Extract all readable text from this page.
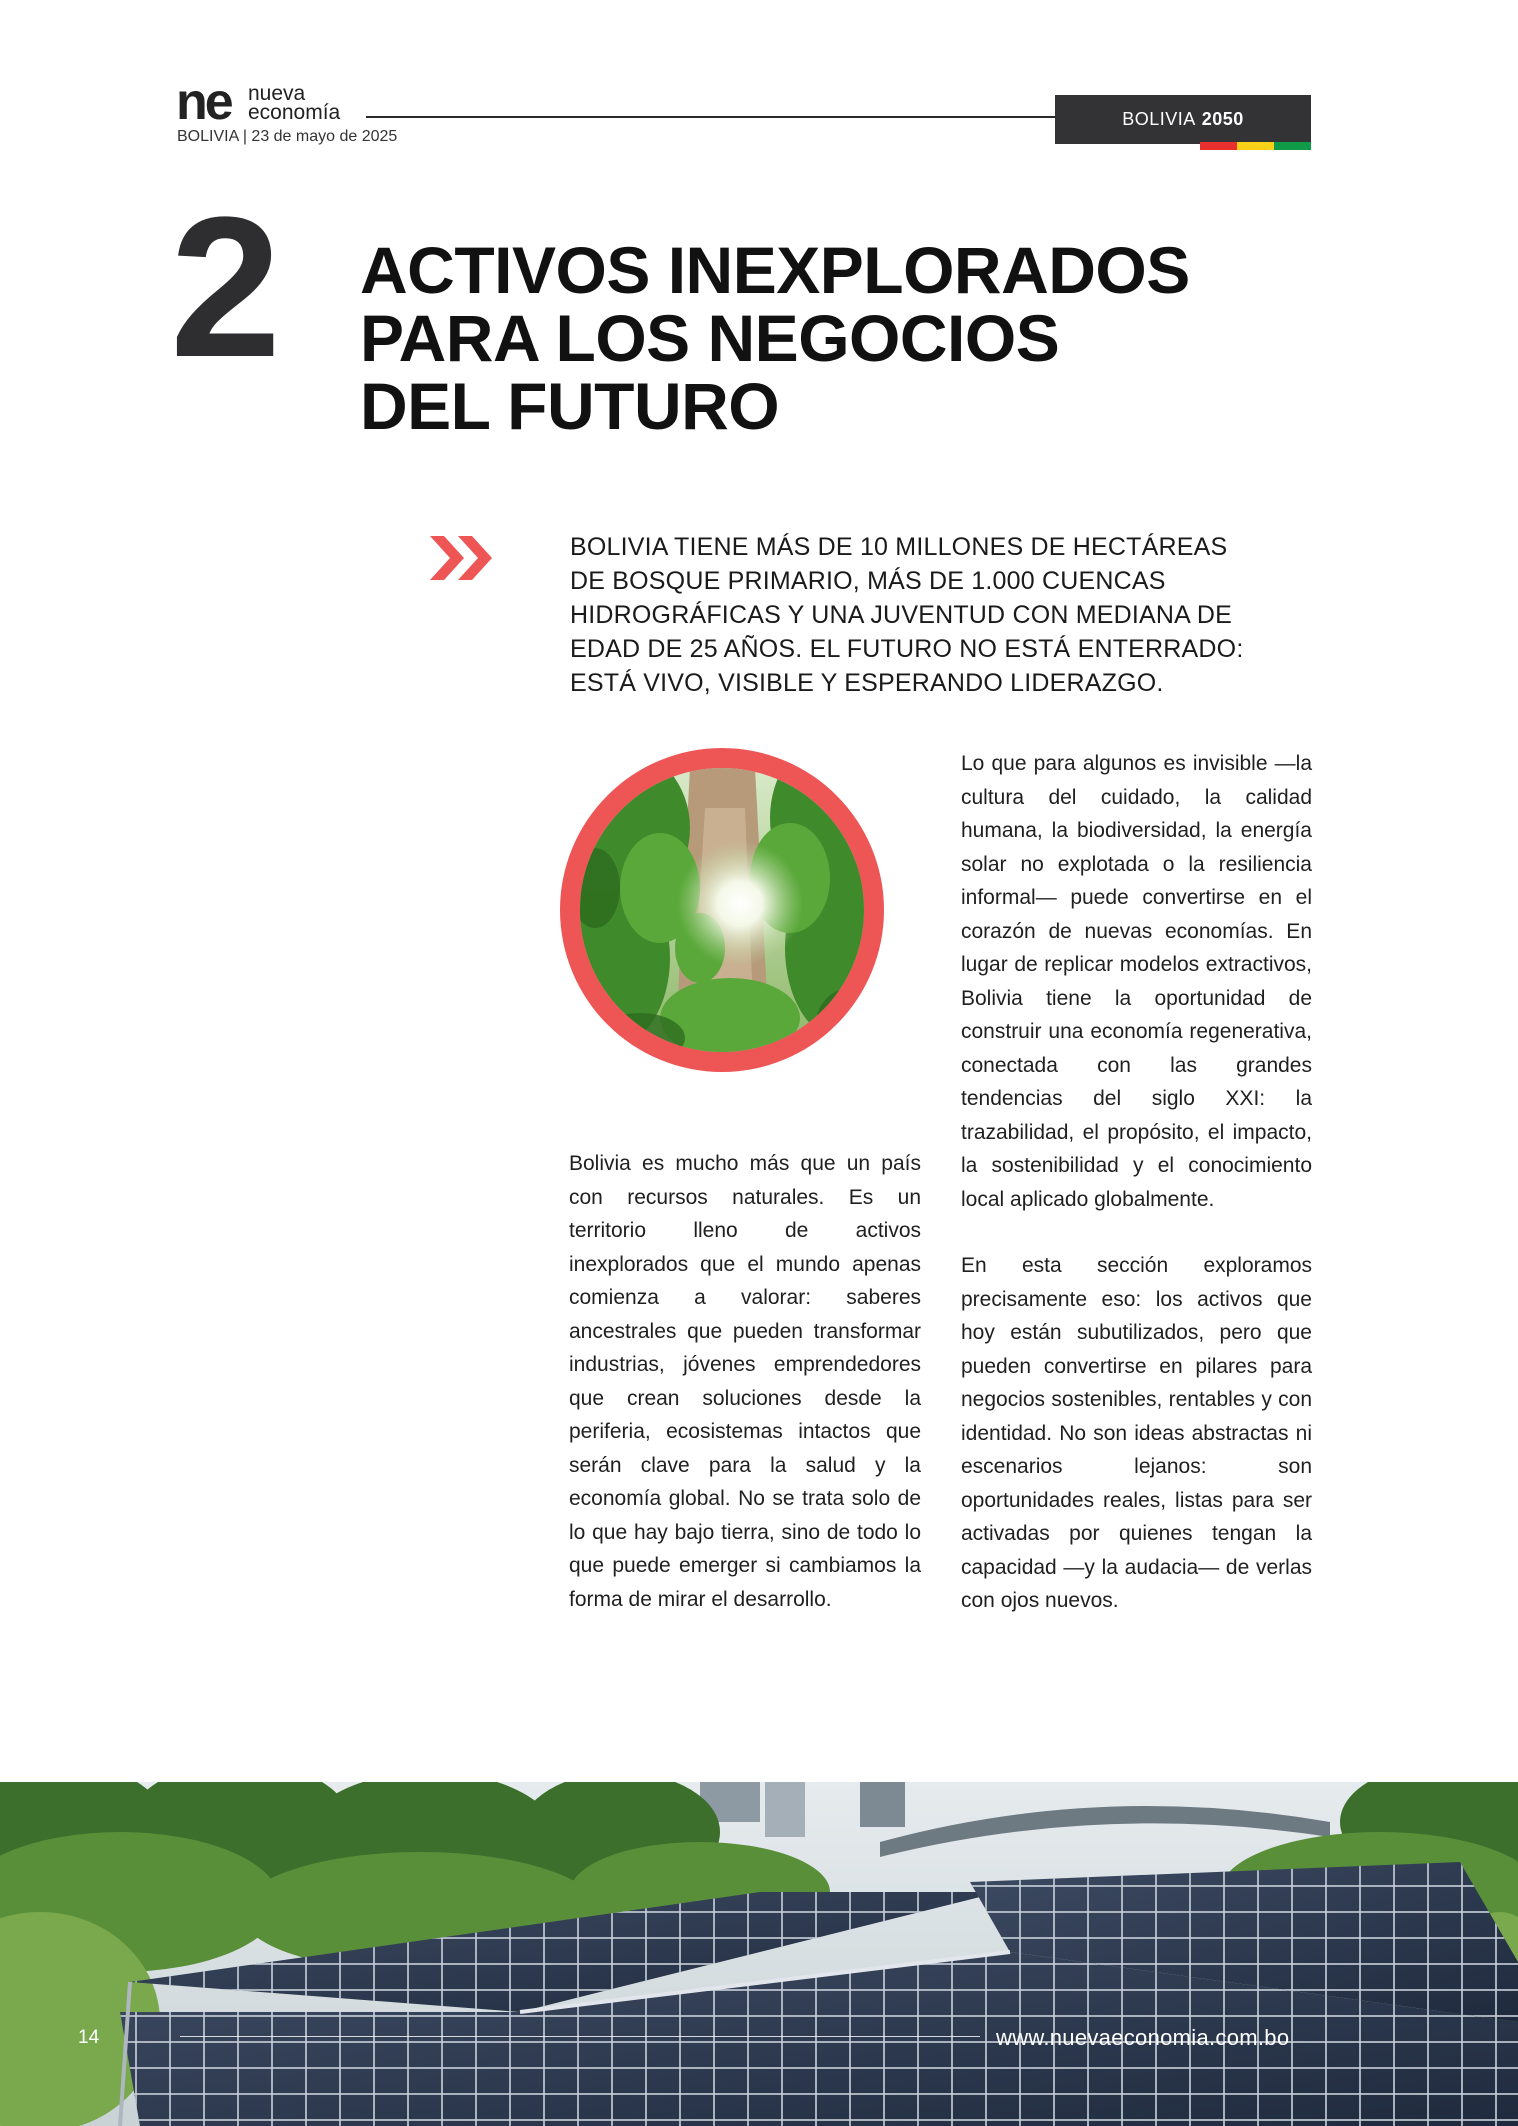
ne nueva
economía
BOLIVIA | 23 de mayo de 2025
BOLIVIA 2050
2 ACTIVOS INEXPLORADOS
PARA LOS NEGOCIOS
DEL FUTURO
BOLIVIA TIENE MÁS DE 10 MILLONES DE HECTÁREAS
DE BOSQUE PRIMARIO, MÁS DE 1.000 CUENCAS
HIDROGRÁFICAS Y UNA JUVENTUD CON MEDIANA DE
EDAD DE 25 AÑOS. EL FUTURO NO ESTÁ ENTERRADO:
ESTÁ VIVO, VISIBLE Y ESPERANDO LIDERAZGO.

Bolivia es mucho más que un país con recursos naturales. Es un territorio lleno de activos inexplorados que el mundo apenas comienza a valorar: saberes ancestrales que pueden transformar industrias, jóvenes emprendedores que crean soluciones desde la periferia, ecosistemas intactos que serán clave para la salud y la economía global. No se trata solo de lo que hay bajo tierra, sino de todo lo que puede emerger si cambiamos la forma de mirar el desarrollo.

Lo que para algunos es invisible —la cultura del cuidado, la calidad humana, la biodiversidad, la energía solar no explotada o la resiliencia informal— puede convertirse en el corazón de nuevas economías. En lugar de replicar modelos extractivos, Bolivia tiene la oportunidad de construir una economía regenerativa, conectada con las grandes tendencias del siglo XXI: la trazabilidad, el propósito, el impacto, la sostenibilidad y el conocimiento local aplicado globalmente.

En esta sección exploramos precisamente eso: los activos que hoy están subutilizados, pero que pueden convertirse en pilares para negocios sostenibles, rentables y con identidad. No son ideas abstractas ni escenarios lejanos: son oportunidades reales, listas para ser activadas por quienes tengan la capacidad —y la audacia— de verlas con ojos nuevos.

14	www.nuevaeconomia.com.bo
